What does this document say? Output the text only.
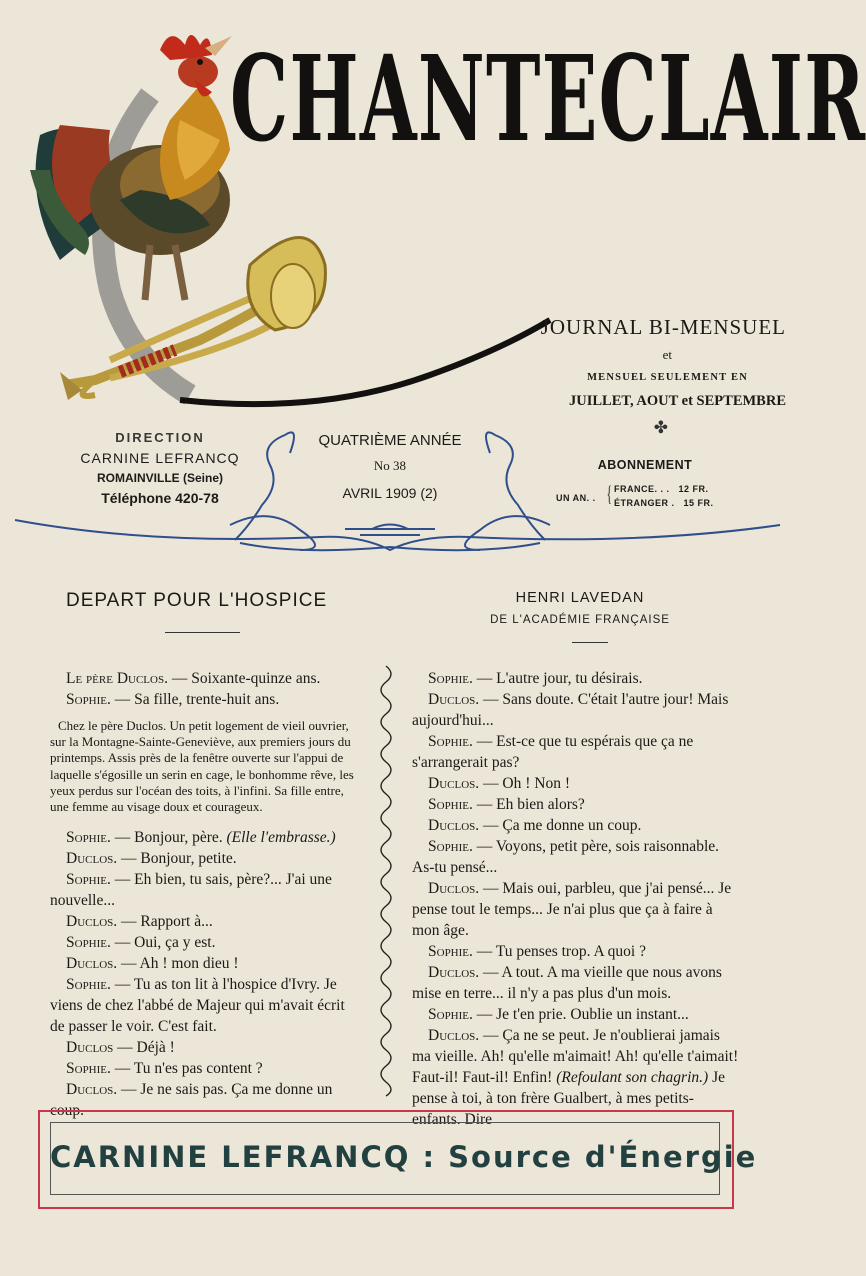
CHANTECLAIR
JOURNAL BI-MENSUEL
et
MENSUEL SEULEMENT EN
JUILLET, AOUT et SEPTEMBRE
✤
DIRECTION
CARNINE LEFRANCQ
ROMAINVILLE (Seine)
Téléphone 420-78
QUATRIÈME ANNÉE
No 38
AVRIL 1909 (2)
ABONNEMENT
UN AN. .
FRANCE. . .   12 FR.
ÉTRANGER .   15 FR.
{
DEPART POUR L'HOSPICE	HENRI LAVEDAN
DE L'ACADÉMIE FRANÇAISE

Le père Duclos. — Soixante-quinze ans.

Sophie. — Sa fille, trente-huit ans.

Chez le père Duclos. Un petit logement de vieil ouvrier, sur la Montagne-Sainte-Geneviève, aux premiers jours du printemps. Assis près de la fenêtre ouverte sur l'appui de laquelle s'égosille un serin en cage, le bonhomme rêve, les yeux perdus sur l'océan des toits, à l'infini. Sa fille entre, une femme au visage doux et courageux.

Sophie. — Bonjour, père. (Elle l'embrasse.)

Duclos. — Bonjour, petite.

Sophie. — Eh bien, tu sais, père?... J'ai une nouvelle...

Duclos. — Rapport à...

Sophie. — Oui, ça y est.

Duclos. — Ah ! mon dieu !

Sophie. — Tu as ton lit à l'hospice d'Ivry. Je viens de chez l'abbé de Majeur qui m'avait écrit de passer le voir. C'est fait.

Duclos — Déjà !

Sophie. — Tu n'es pas content ?

Duclos. — Je ne sais pas. Ça me donne un coup.

Sophie. — L'autre jour, tu désirais.

Duclos. — Sans doute. C'était l'autre jour! Mais aujourd'hui...

Sophie. — Est-ce que tu espérais que ça ne s'arrangerait pas?

Duclos. — Oh ! Non !

Sophie. — Eh bien alors?

Duclos. — Ça me donne un coup.

Sophie. — Voyons, petit père, sois raisonnable. As-tu pensé...

Duclos. — Mais oui, parbleu, que j'ai pensé... Je pense tout le temps... Je n'ai plus que ça à faire à mon âge.

Sophie. — Tu penses trop. A quoi ?

Duclos. — A tout. A ma vieille que nous avons mise en terre... il n'y a pas plus d'un mois.

Sophie. — Je t'en prie. Oublie un instant...

Duclos. — Ça ne se peut. Je n'oublierai jamais ma vieille. Ah! qu'elle m'aimait! Ah! qu'elle t'aimait! Faut-il! Faut-il! Enfin! (Refoulant son chagrin.) Je pense à toi, à ton frère Gualbert, à mes petits-enfants. Dire

CARNINE LEFRANCQ : Source d'Énergie
